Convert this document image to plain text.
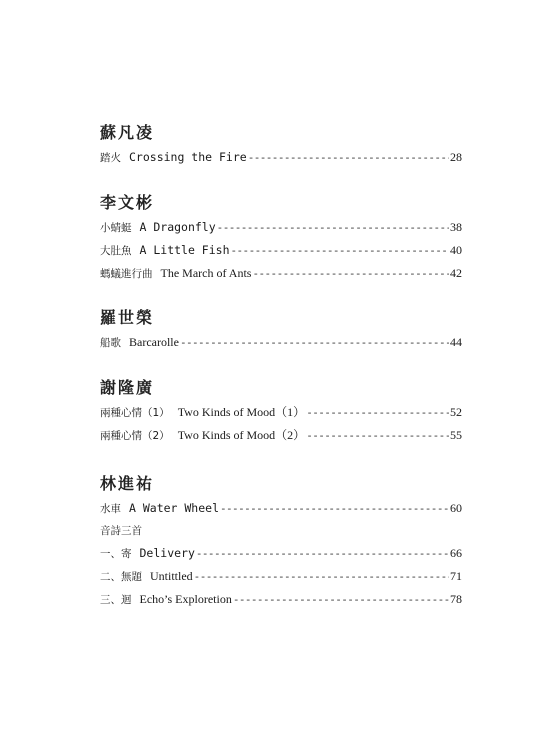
蘇凡凌
踏火 Crossing the Fire -----	28
李文彬
小蜻蜓 A Dragonfly -----	38
大肚魚 A Little Fish -----	40
螞蟻進行曲 The March of Ants -----	42
羅世榮
船歌 Barcarolle -----	44
謝隆廣
兩種心情（1） Two Kinds of Mood（1） -----	52
兩種心情（2） Two Kinds of Mood（2） -----	55
林進祐
水車 A Water Wheel -----	60
音詩三首
一、寄 Delivery -----	66
二、無題 Untittled -----	71
三、迴 Echo’s Exploretion -----	78
